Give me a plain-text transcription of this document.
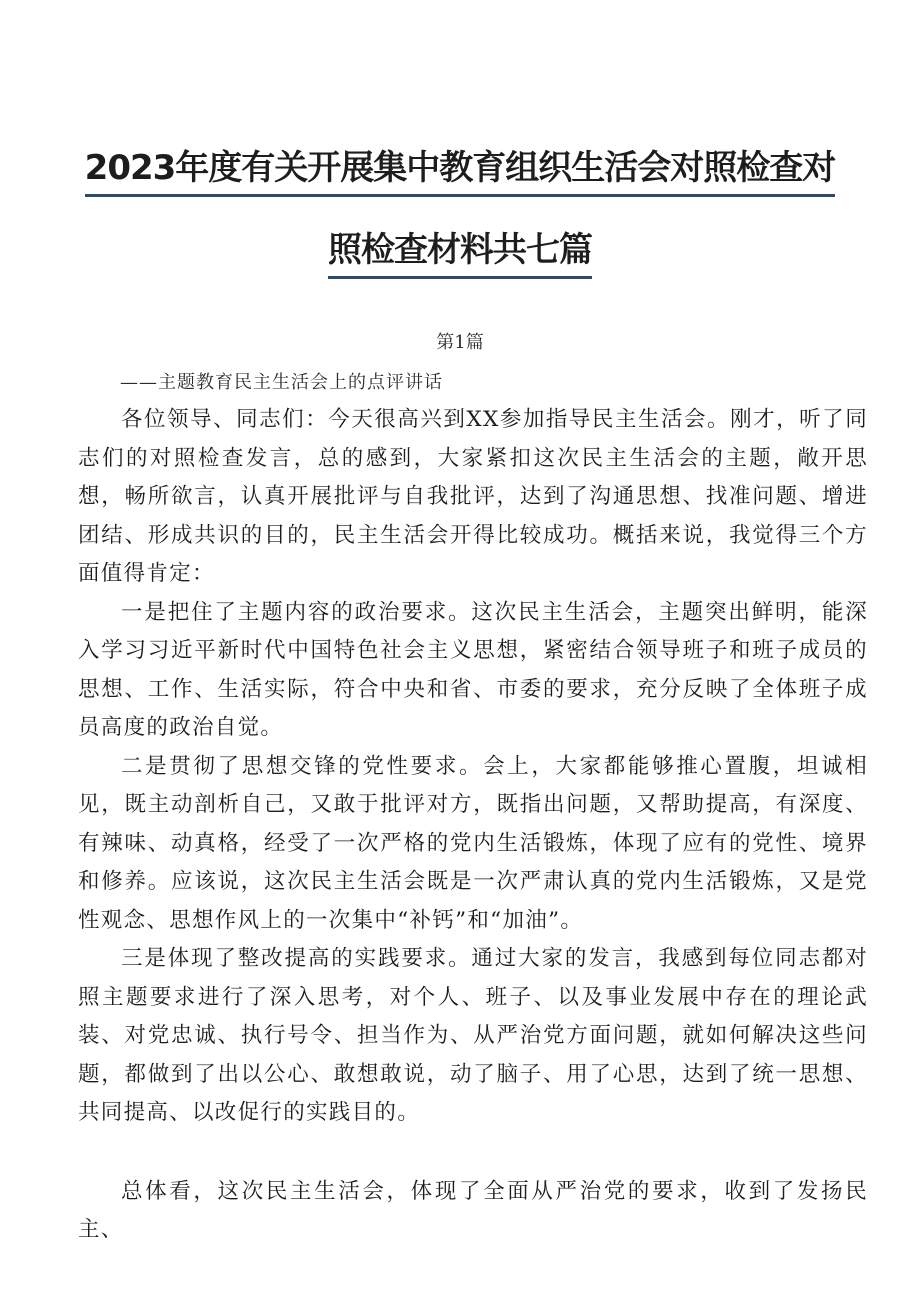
2023年度有关开展集中教育组织生活会对照检查对
照检查材料共七篇
第1篇
——主题教育民主生活会上的点评讲话

各位领导、同志们：今天很高兴到XX参加指导民主生活会。刚才，听了同志们的对照检查发言，总的感到，大家紧扣这次民主生活会的主题，敞开思想，畅所欲言，认真开展批评与自我批评，达到了沟通思想、找准问题、增进团结、形成共识的目的，民主生活会开得比较成功。概括来说，我觉得三个方面值得肯定：

一是把住了主题内容的政治要求。这次民主生活会，主题突出鲜明，能深入学习习近平新时代中国特色社会主义思想，紧密结合领导班子和班子成员的思想、工作、生活实际，符合中央和省、市委的要求，充分反映了全体班子成员高度的政治自觉。

二是贯彻了思想交锋的党性要求。会上，大家都能够推心置腹，坦诚相见，既主动剖析自己，又敢于批评对方，既指出问题，又帮助提高，有深度、有辣味、动真格，经受了一次严格的党内生活锻炼，体现了应有的党性、境界和修养。应该说，这次民主生活会既是一次严肃认真的党内生活锻炼，又是党性观念、思想作风上的一次集中“补钙”和“加油”。

三是体现了整改提高的实践要求。通过大家的发言，我感到每位同志都对照主题要求进行了深入思考，对个人、班子、以及事业发展中存在的理论武装、对党忠诚、执行号令、担当作为、从严治党方面问题，就如何解决这些问题，都做到了出以公心、敢想敢说，动了脑子、用了心思，达到了统一思想、共同提高、以改促行的实践目的。

总体看，这次民主生活会，体现了全面从严治党的要求，收到了发扬民主、
